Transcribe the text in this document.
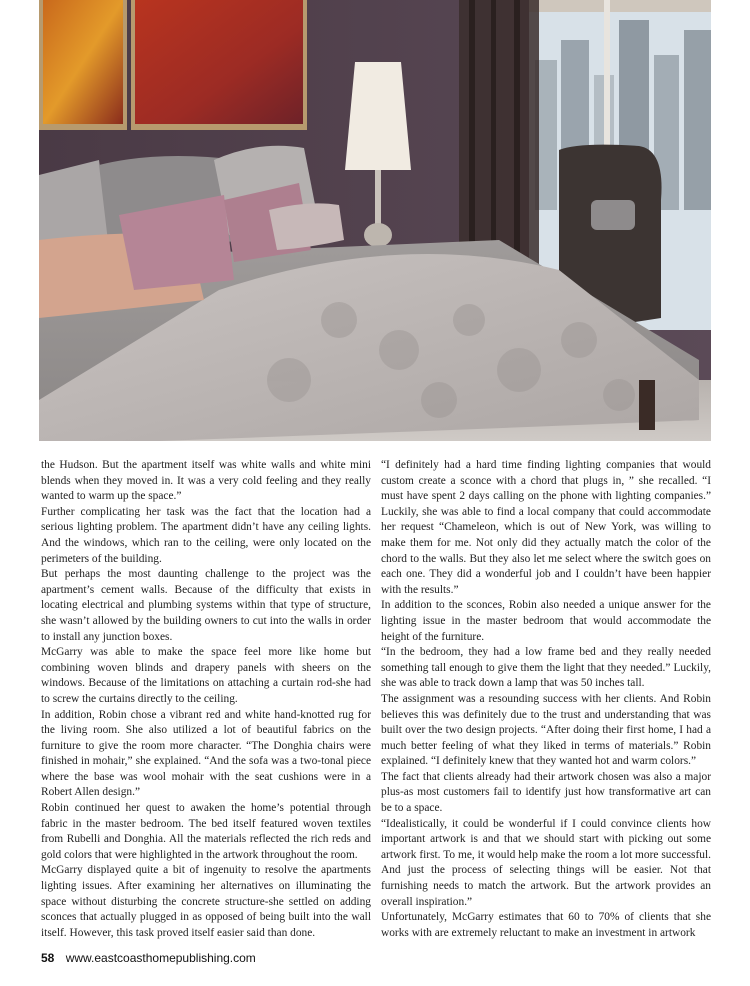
the Hudson. But the apartment itself was white walls and white mini blends when they moved in. It was a very cold feeling and they really wanted to warm up the space.”

Further complicating her task was the fact that the location had a serious lighting problem. The apartment didn’t have any ceiling lights. And the windows, which ran to the ceiling, were only located on the perimeters of the building.

But perhaps the most daunting challenge to the project was the apartment’s cement walls. Because of the difficulty that exists in locating electrical and plumbing systems within that type of structure, she wasn’t allowed by the building owners to cut into the walls in order to install any junction boxes.

McGarry was able to make the space feel more like home but combining woven blinds and drapery panels with sheers on the windows. Because of the limitations on attaching a curtain rod-she had to screw the curtains directly to the ceiling.

In addition, Robin chose a vibrant red and white hand-knotted rug for the living room. She also utilized a lot of beautiful fabrics on the furniture to give the room more character. “The Donghia chairs were finished in mohair,” she explained. “And the sofa was a two-tonal piece where the base was wool mohair with the seat cushions were in a Robert Allen design.”

Robin continued her quest to awaken the home’s potential through fabric in the master bedroom. The bed itself featured woven textiles from Rubelli and Donghia. All the materials reflected the rich reds and gold colors that were highlighted in the artwork throughout the room.

McGarry displayed quite a bit of ingenuity to resolve the apartments lighting issues. After examining her alternatives on illuminating the space without disturbing the concrete structure-she settled on adding sconces that actually plugged in as opposed of being built into the wall itself. However, this task proved itself easier said than done.

“I definitely had a hard time finding lighting companies that would custom create a sconce with a chord that plugs in, ” she recalled. “I must have spent 2 days calling on the phone with lighting companies.” Luckily, she was able to find a local company that could accommodate her request “Chameleon, which is out of New York, was willing to make them for me. Not only did they actually match the color of the chord to the walls. But they also let me select where the switch goes on each one. They did a wonderful job and I couldn’t have been happier with the results.”

In addition to the sconces, Robin also needed a unique answer for the lighting issue in the master bedroom that would accommodate the height of the furniture.

“In the bedroom, they had a low frame bed and they really needed something tall enough to give them the light that they needed.” Luckily, she was able to track down a lamp that was 50 inches tall.

The assignment was a resounding success with her clients. And Robin believes this was definitely due to the trust and understanding that was built over the two design projects. “After doing their first home, I had a much better feeling of what they liked in terms of materials.” Robin explained. “I definitely knew that they wanted hot and warm colors.”

The fact that clients already had their artwork chosen was also a major plus-as most customers fail to identify just how transformative art can be to a space.

“Idealistically, it could be wonderful if I could convince clients how important artwork is and that we should start with picking out some artwork first. To me, it would help make the room a lot more successful. And just the process of selecting things will be easier. Not that furnishing needs to match the artwork. But the artwork provides an overall inspiration.”

Unfortunately, McGarry estimates that 60 to 70% of clients that she works with are extremely reluctant to make an investment in artwork

58 www.eastcoasthomepublishing.com
